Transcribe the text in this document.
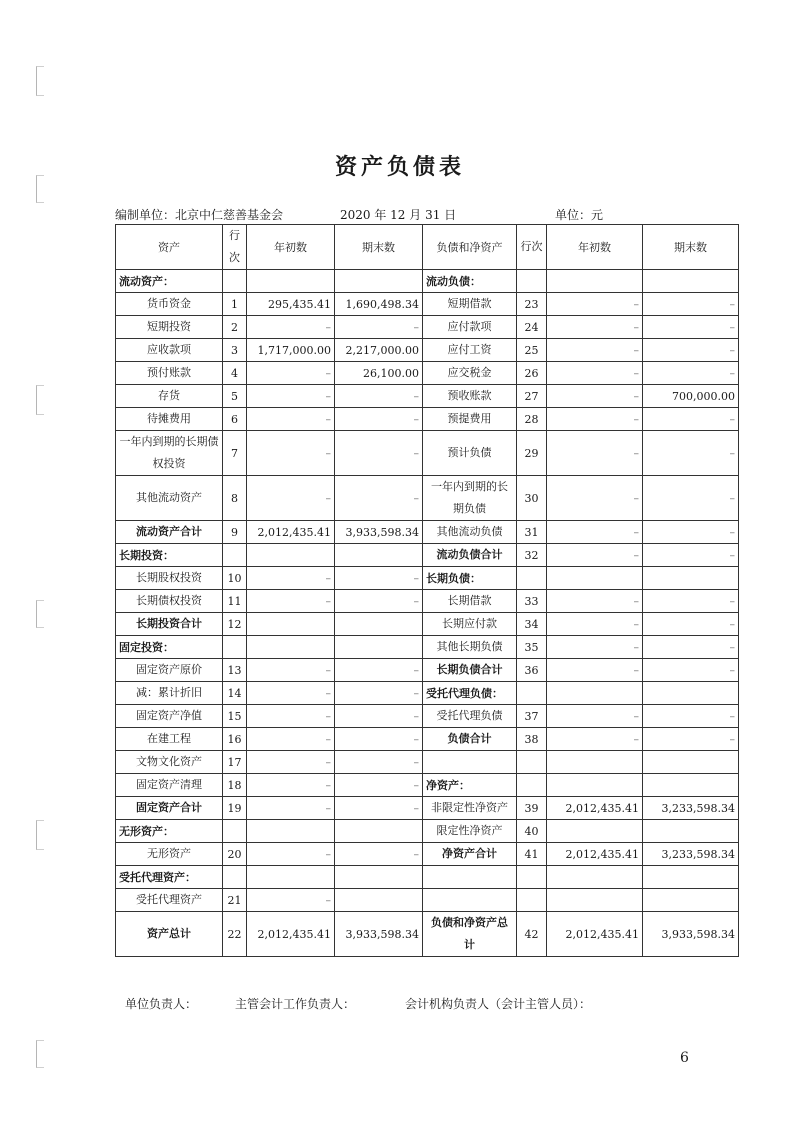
资产负债表
编制单位：北京中仁慈善基金会	2020 年 12 月 31 日	单位：元
资产	行次	年初数	期末数	负债和净资产	行次	年初数	期末数
流动资产：				流动负债：			
货币资金	1	295,435.41	1,690,498.34	短期借款	23	–	–
短期投资	2	–	–	应付款项	24	–	–
应收款项	3	1,717,000.00	2,217,000.00	应付工资	25	–	–
预付账款	4	–	26,100.00	应交税金	26	–	–
存货	5	–	–	预收账款	27	–	700,000.00
待摊费用	6	–	–	预提费用	28	–	–
一年内到期的长期债权投资	7	–	–	预计负债	29	–	–
其他流动资产	8	–	–	一年内到期的长期负债	30	–	–
流动资产合计	9	2,012,435.41	3,933,598.34	其他流动负债	31	–	–
长期投资：				流动负债合计	32	–	–
长期股权投资	10	–	–	长期负债：			
长期债权投资	11	–	–	长期借款	33	–	–
长期投资合计	12			长期应付款	34	–	–
固定投资：				其他长期负债	35	–	–
固定资产原价	13	–	–	长期负债合计	36	–	–
减：累计折旧	14	–	–	受托代理负债：			
固定资产净值	15	–	–	受托代理负债	37	–	–
在建工程	16	–	–	负债合计	38	–	–
文物文化资产	17	–	–				
固定资产清理	18	–	–	净资产：			
固定资产合计	19	–	–	非限定性净资产	39	2,012,435.41	3,233,598.34
无形资产：				限定性净资产	40		
无形资产	20	–	–	净资产合计	41	2,012,435.41	3,233,598.34
受托代理资产：							
受托代理资产	21	–					
资产总计	22	2,012,435.41	3,933,598.34	负债和净资产总计	42	2,012,435.41	3,933,598.34
单位负责人：	主管会计工作负责人：	会计机构负责人（会计主管人员）：
6
